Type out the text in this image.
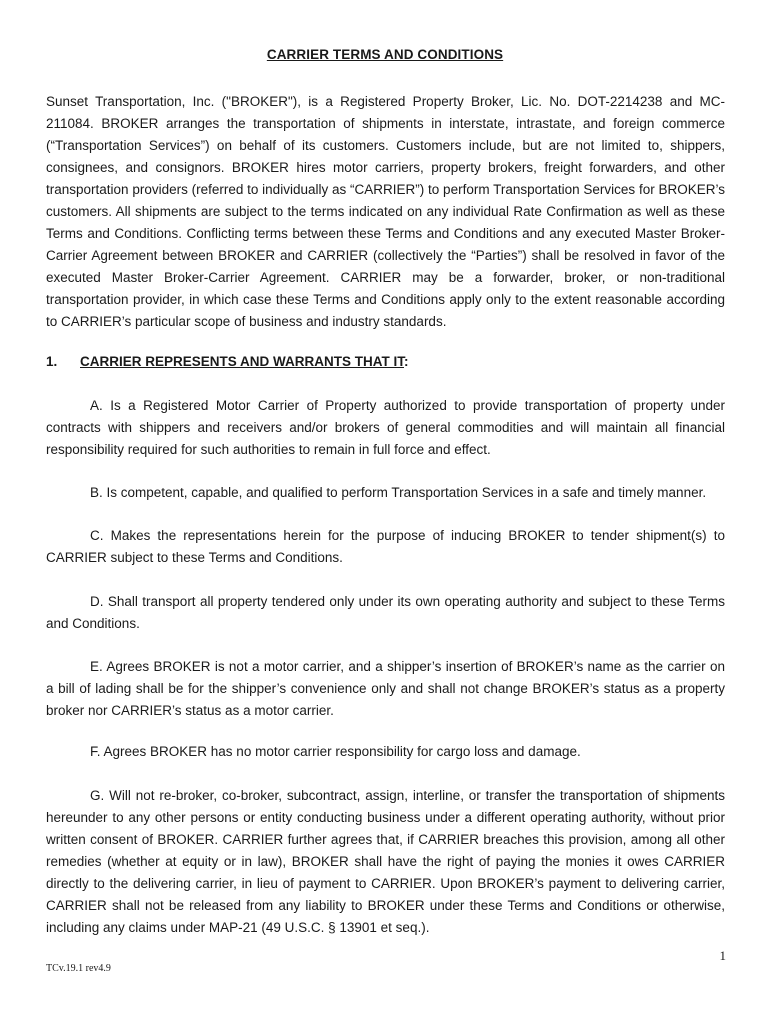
CARRIER TERMS AND CONDITIONS

Sunset Transportation, Inc. ("BROKER"), is a Registered Property Broker, Lic. No. DOT-2214238 and MC-211084. BROKER arranges the transportation of shipments in interstate, intrastate, and foreign commerce (“Transportation Services”) on behalf of its customers. Customers include, but are not limited to, shippers, consignees, and consignors. BROKER hires motor carriers, property brokers, freight forwarders, and other transportation providers (referred to individually as “CARRIER”) to perform Transportation Services for BROKER’s customers. All shipments are subject to the terms indicated on any individual Rate Confirmation as well as these Terms and Conditions. Conflicting terms between these Terms and Conditions and any executed Master Broker-Carrier Agreement between BROKER and CARRIER (collectively the “Parties”) shall be resolved in favor of the executed Master Broker-Carrier Agreement. CARRIER may be a forwarder, broker, or non-traditional transportation provider, in which case these Terms and Conditions apply only to the extent reasonable according to CARRIER’s particular scope of business and industry standards.

1. CARRIER REPRESENTS AND WARRANTS THAT IT:

A. Is a Registered Motor Carrier of Property authorized to provide transportation of property under contracts with shippers and receivers and/or brokers of general commodities and will maintain all financial responsibility required for such authorities to remain in full force and effect.

B. Is competent, capable, and qualified to perform Transportation Services in a safe and timely manner.

C. Makes the representations herein for the purpose of inducing BROKER to tender shipment(s) to CARRIER subject to these Terms and Conditions.

D. Shall transport all property tendered only under its own operating authority and subject to these Terms and Conditions.

E. Agrees BROKER is not a motor carrier, and a shipper’s insertion of BROKER’s name as the carrier on a bill of lading shall be for the shipper’s convenience only and shall not change BROKER’s status as a property broker nor CARRIER’s status as a motor carrier.

F. Agrees BROKER has no motor carrier responsibility for cargo loss and damage.

G. Will not re-broker, co-broker, subcontract, assign, interline, or transfer the transportation of shipments hereunder to any other persons or entity conducting business under a different operating authority, without prior written consent of BROKER. CARRIER further agrees that, if CARRIER breaches this provision, among all other remedies (whether at equity or in law), BROKER shall have the right of paying the monies it owes CARRIER directly to the delivering carrier, in lieu of payment to CARRIER. Upon BROKER’s payment to delivering carrier, CARRIER shall not be released from any liability to BROKER under these Terms and Conditions or otherwise, including any claims under MAP-21 (49 U.S.C. § 13901 et seq.).

1
TCv.19.1 rev4.9
